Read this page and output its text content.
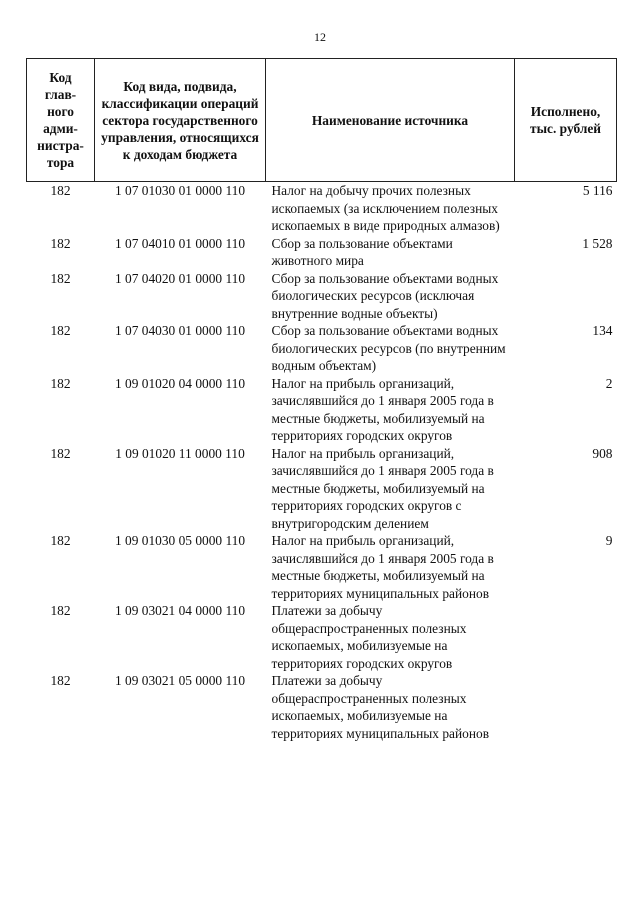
12
Код глав-ного адми-нистра-тора	Код вида, подвида, классификации операций сектора государственного управления, относящихся к доходам бюджета	Наименование источника	Исполнено, тыс. рублей
182	1 07 01030 01 0000 110	Налог на добычу прочих полезных ископаемых (за исключением полезных ископаемых в виде природных алмазов)	5 116
182	1 07 04010 01 0000 110	Сбор за пользование объектами животного мира	1 528
182	1 07 04020 01 0000 110	Сбор за пользование объектами водных биологических ресурсов (исключая внутренние водные объекты)	
182	1 07 04030 01 0000 110	Сбор за пользование объектами водных биологических ресурсов (по внутренним водным объектам)	134
182	1 09 01020 04 0000 110	Налог на прибыль организаций, зачислявшийся до 1 января 2005 года в местные бюджеты, мобилизуемый на территориях городских округов	2
182	1 09 01020 11 0000 110	Налог на прибыль организаций, зачислявшийся до 1 января 2005 года в местные бюджеты, мобилизуемый на территориях городских округов с внутригородским делением	908
182	1 09 01030 05 0000 110	Налог на прибыль организаций, зачислявшийся до 1 января 2005 года в местные бюджеты, мобилизуемый на территориях муниципальных районов	9
182	1 09 03021 04 0000 110	Платежи за добычу общераспространенных полезных ископаемых, мобилизуемые на территориях городских округов	
182	1 09 03021 05 0000 110	Платежи за добычу общераспространенных полезных ископаемых, мобилизуемые на территориях муниципальных районов	
